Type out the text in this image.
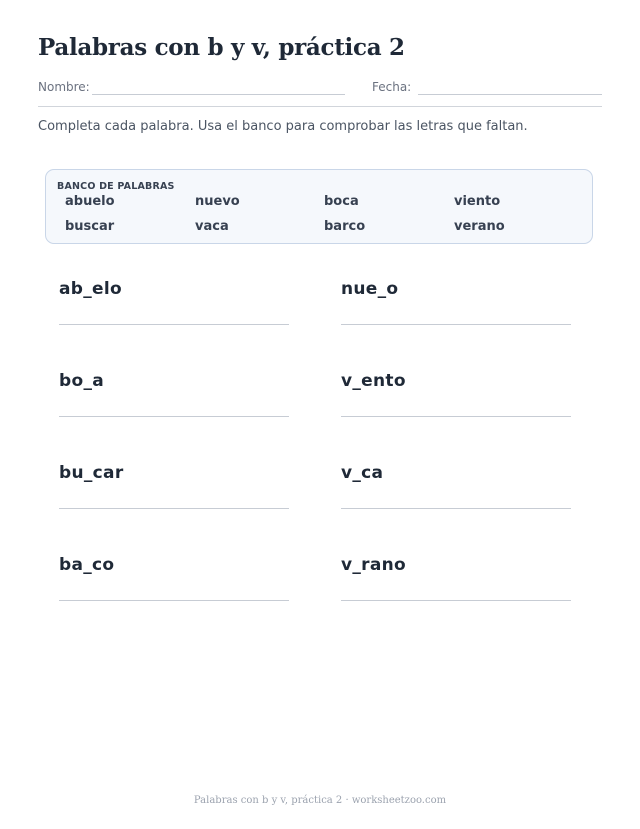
Palabras con b y v, práctica 2
Nombre:	Fecha:
Completa cada palabra. Usa el banco para comprobar las letras que faltan.
BANCO DE PALABRAS
abuelo	nuevo	boca	viento
buscar	vaca	barco	verano
ab_elo	nue_o
bo_a	v_ento
bu_car	v_ca
ba_co	v_rano
Palabras con b y v, práctica 2 · worksheetzoo.com
